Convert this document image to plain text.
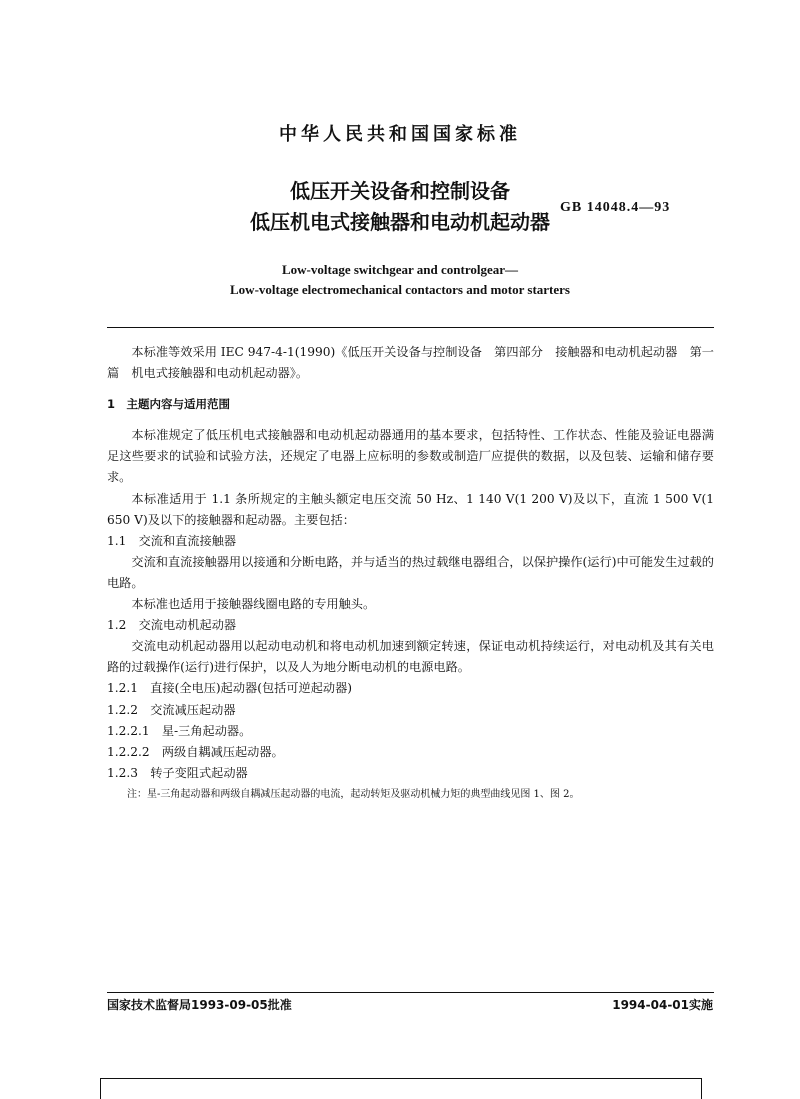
中华人民共和国国家标准
低压开关设备和控制设备
低压机电式接触器和电动机起动器
GB 14048.4—93
Low-voltage switchgear and controlgear—
Low-voltage electromechanical contactors and motor starters

本标准等效采用 IEC 947-4-1(1990)《低压开关设备与控制设备　第四部分　接触器和电动机起动器　第一篇　机电式接触器和电动机起动器》。

1　主题内容与适用范围

本标准规定了低压机电式接触器和电动机起动器通用的基本要求，包括特性、工作状态、性能及验证电器满足这些要求的试验和试验方法，还规定了电器上应标明的参数或制造厂应提供的数据，以及包装、运输和储存要求。

本标准适用于 1.1 条所规定的主触头额定电压交流 50 Hz、1 140 V(1 200 V)及以下，直流 1 500 V(1 650 V)及以下的接触器和起动器。主要包括：

1.1　交流和直流接触器

交流和直流接触器用以接通和分断电路，并与适当的热过载继电器组合，以保护操作(运行)中可能发生过载的电路。

本标准也适用于接触器线圈电路的专用触头。

1.2　交流电动机起动器

交流电动机起动器用以起动电动机和将电动机加速到额定转速，保证电动机持续运行，对电动机及其有关电路的过载操作(运行)进行保护，以及人为地分断电动机的电源电路。

1.2.1　直接(全电压)起动器(包括可逆起动器)

1.2.2　交流减压起动器

1.2.2.1　星-三角起动器。

1.2.2.2　两级自耦减压起动器。

1.2.3　转子变阻式起动器

注：星-三角起动器和两级自耦减压起动器的电流，起动转矩及驱动机械力矩的典型曲线见图 1、图 2。

国家技术监督局1993-09-05批准	1994-04-01实施
